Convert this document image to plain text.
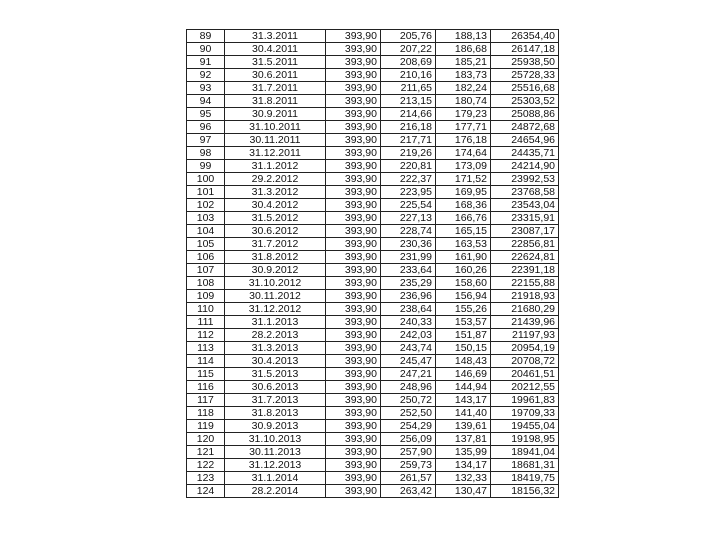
89	31.3.2011	393,90	205,76	188,13	26354,40
90	30.4.2011	393,90	207,22	186,68	26147,18
91	31.5.2011	393,90	208,69	185,21	25938,50
92	30.6.2011	393,90	210,16	183,73	25728,33
93	31.7.2011	393,90	211,65	182,24	25516,68
94	31.8.2011	393,90	213,15	180,74	25303,52
95	30.9.2011	393,90	214,66	179,23	25088,86
96	31.10.2011	393,90	216,18	177,71	24872,68
97	30.11.2011	393,90	217,71	176,18	24654,96
98	31.12.2011	393,90	219,26	174,64	24435,71
99	31.1.2012	393,90	220,81	173,09	24214,90
100	29.2.2012	393,90	222,37	171,52	23992,53
101	31.3.2012	393,90	223,95	169,95	23768,58
102	30.4.2012	393,90	225,54	168,36	23543,04
103	31.5.2012	393,90	227,13	166,76	23315,91
104	30.6.2012	393,90	228,74	165,15	23087,17
105	31.7.2012	393,90	230,36	163,53	22856,81
106	31.8.2012	393,90	231,99	161,90	22624,81
107	30.9.2012	393,90	233,64	160,26	22391,18
108	31.10.2012	393,90	235,29	158,60	22155,88
109	30.11.2012	393,90	236,96	156,94	21918,93
110	31.12.2012	393,90	238,64	155,26	21680,29
111	31.1.2013	393,90	240,33	153,57	21439,96
112	28.2.2013	393,90	242,03	151,87	21197,93
113	31.3.2013	393,90	243,74	150,15	20954,19
114	30.4.2013	393,90	245,47	148,43	20708,72
115	31.5.2013	393,90	247,21	146,69	20461,51
116	30.6.2013	393,90	248,96	144,94	20212,55
117	31.7.2013	393,90	250,72	143,17	19961,83
118	31.8.2013	393,90	252,50	141,40	19709,33
119	30.9.2013	393,90	254,29	139,61	19455,04
120	31.10.2013	393,90	256,09	137,81	19198,95
121	30.11.2013	393,90	257,90	135,99	18941,04
122	31.12.2013	393,90	259,73	134,17	18681,31
123	31.1.2014	393,90	261,57	132,33	18419,75
124	28.2.2014	393,90	263,42	130,47	18156,32
